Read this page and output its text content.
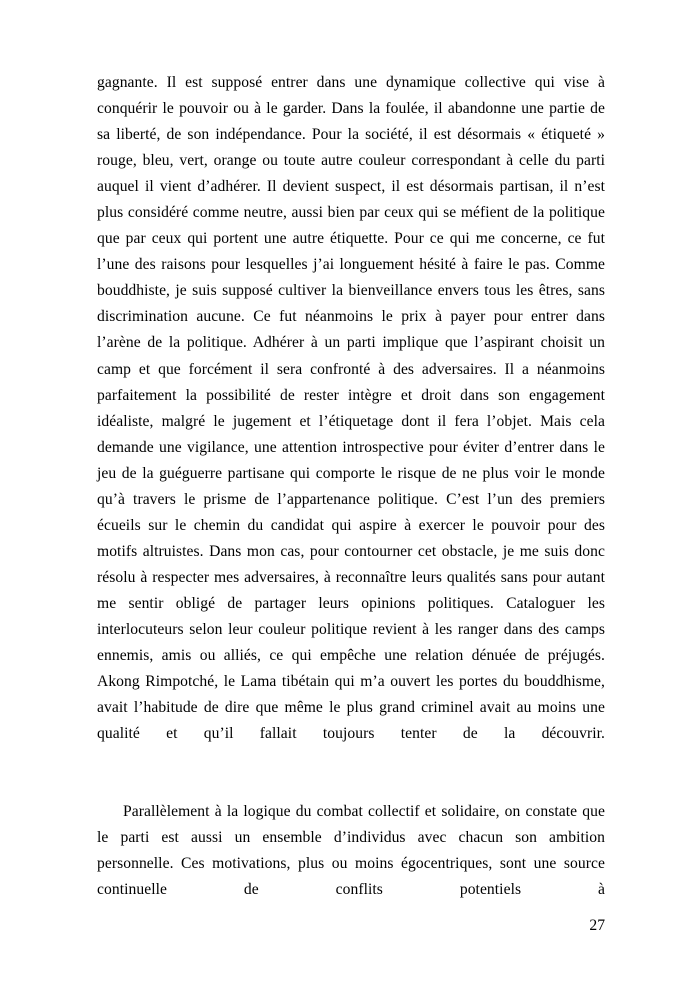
gagnante. Il est supposé entrer dans une dynamique collective qui vise à conquérir le pouvoir ou à le garder. Dans la foulée, il abandonne une partie de sa liberté, de son indépendance. Pour la société, il est désormais « étiqueté » rouge, bleu, vert, orange ou toute autre couleur correspondant à celle du parti auquel il vient d’adhérer. Il devient suspect, il est désormais partisan, il n’est plus considéré comme neutre, aussi bien par ceux qui se méfient de la politique que par ceux qui portent une autre étiquette. Pour ce qui me concerne, ce fut l’une des raisons pour lesquelles j’ai longuement hésité à faire le pas. Comme bouddhiste, je suis supposé cultiver la bienveillance envers tous les êtres, sans discrimination aucune. Ce fut néanmoins le prix à payer pour entrer dans l’arène de la politique. Adhérer à un parti implique que l’aspirant choisit un camp et que forcément il sera confronté à des adversaires. Il a néanmoins parfaitement la possibilité de rester intègre et droit dans son engagement idéaliste, malgré le jugement et l’étiquetage dont il fera l’objet. Mais cela demande une vigilance, une attention introspective pour éviter d’entrer dans le jeu de la guéguerre partisane qui comporte le risque de ne plus voir le monde qu’à travers le prisme de l’appartenance politique. C’est l’un des premiers écueils sur le chemin du candidat qui aspire à exercer le pouvoir pour des motifs altruistes. Dans mon cas, pour contourner cet obstacle, je me suis donc résolu à respecter mes adversaires, à reconnaître leurs qualités sans pour autant me sentir obligé de partager leurs opinions politiques. Cataloguer les interlocuteurs selon leur couleur politique revient à les ranger dans des camps ennemis, amis ou alliés, ce qui empêche une relation dénuée de préjugés. Akong Rimpotché, le Lama tibétain qui m’a ouvert les portes du bouddhisme, avait l’habitude de dire que même le plus grand criminel avait au moins une qualité et qu’il fallait toujours tenter de la découvrir.

Parallèlement à la logique du combat collectif et solidaire, on constate que le parti est aussi un ensemble d’individus avec chacun son ambition personnelle. Ces motivations, plus ou moins égocentriques, sont une source continuelle de conflits potentiels à

27
